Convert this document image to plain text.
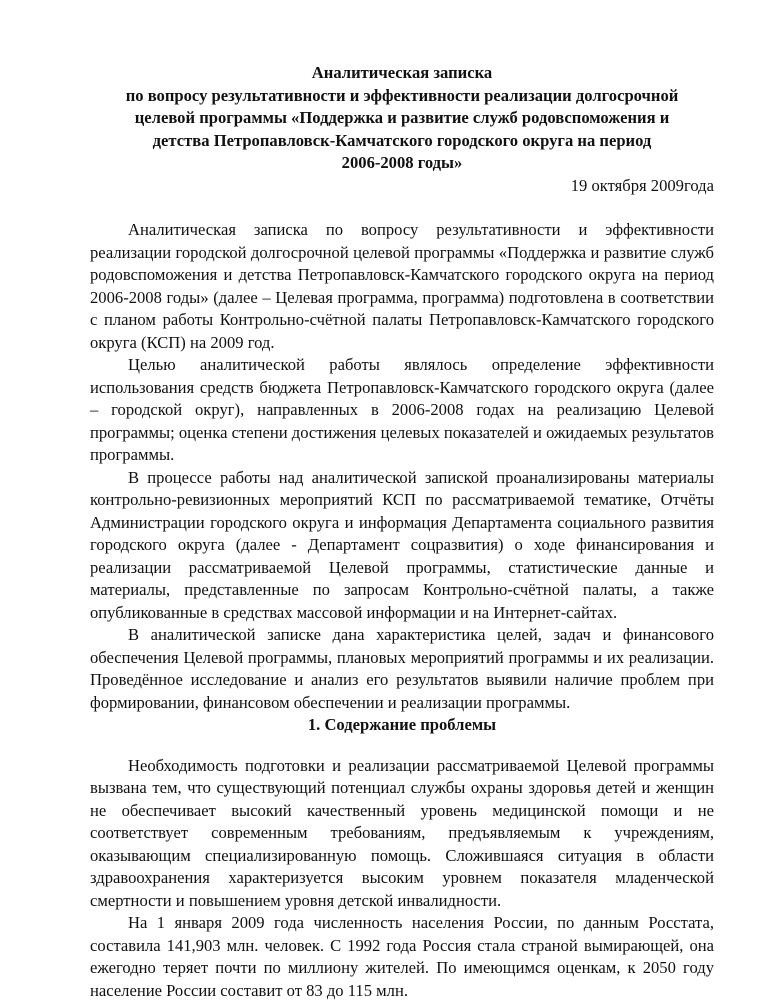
Аналитическая записка
по вопросу результативности и эффективности реализации долгосрочной
целевой программы «Поддержка и развитие служб родовспоможения и
детства Петропавловск-Камчатского городского округа на период
2006-2008 годы»

19 октября 2009года

Аналитическая записка по вопросу результативности и эффективности реализации городской долгосрочной целевой программы «Поддержка и развитие служб родовспоможения и детства Петропавловск-Камчатского городского округа на период 2006-2008 годы» (далее – Целевая программа, программа) подготовлена в соответствии с планом работы Контрольно-счётной палаты Петропавловск-Камчатского городского округа (КСП) на 2009 год.

Целью аналитической работы являлось определение эффективности использования средств бюджета Петропавловск-Камчатского городского округа (далее – городской округ), направленных в 2006-2008 годах на реализацию Целевой программы; оценка степени достижения целевых показателей и ожидаемых результатов программы.

В процессе работы над аналитической запиской проанализированы материалы контрольно-ревизионных мероприятий КСП по рассматриваемой тематике, Отчёты Администрации городского округа и информация Департамента социального развития городского округа (далее - Департамент соцразвития) о ходе финансирования и реализации рассматриваемой Целевой программы, статистические данные и материалы, представленные по запросам Контрольно-счётной палаты, а также опубликованные в средствах массовой информации и на Интернет-сайтах.

В аналитической записке дана характеристика целей, задач и финансового обеспечения Целевой программы, плановых мероприятий программы и их реализации. Проведённое исследование и анализ его результатов выявили наличие проблем при формировании, финансовом обеспечении и реализации программы.

1. Содержание проблемы

Необходимость подготовки и реализации рассматриваемой Целевой программы вызвана тем, что существующий потенциал службы охраны здоровья детей и женщин не обеспечивает высокий качественный уровень медицинской помощи и не соответствует современным требованиям, предъявляемым к учреждениям, оказывающим специализированную помощь. Сложившаяся ситуация в области здравоохранения характеризуется высоким уровнем показателя младенческой смертности и повышением уровня детской инвалидности.

На 1 января 2009 года численность населения России, по данным Росстата, составила 141,903 млн. человек. С 1992 года Россия стала страной вымирающей, она ежегодно теряет почти по миллиону жителей. По имеющимся оценкам, к 2050 году население России составит от 83 до 115 млн.
